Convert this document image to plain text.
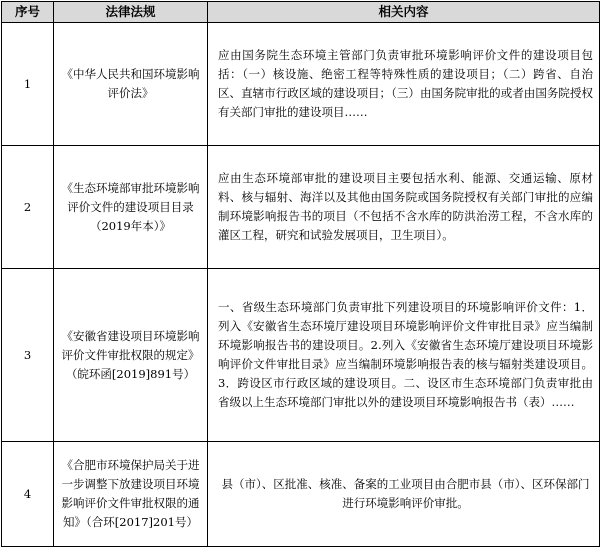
序号	法律法规	相关内容
1	《中华人民共和国环境影响评价法》	应由国务院生态环境主管部门负责审批环境影响评价文件的建设项目包括：（一）核设施、绝密工程等特殊性质的建设项目；（二）跨省、自治区、直辖市行政区域的建设项目；（三）由国务院审批的或者由国务院授权有关部门审批的建设项目……
2	《生态环境部审批环境影响评价文件的建设项目目录（2019年本）》	应由生态环境部审批的建设项目主要包括水利、能源、交通运输、原材料、核与辐射、海洋以及其他由国务院或国务院授权有关部门审批的应编制环境影响报告书的项目（不包括不含水库的防洪治涝工程，不含水库的灌区工程，研究和试验发展项目，卫生项目）。
3	《安徽省建设项目环境影响评价文件审批权限的规定》（皖环函[2019]891号）	一、省级生态环境部门负责审批下列建设项目的环境影响评价文件：1．列入《安徽省生态环境厅建设项目环境影响评价文件审批目录》应当编制环境影响报告书的建设项目。2.列入《安徽省生态环境厅建设项目环境影响评价文件审批目录》应当编制环境影响报告表的核与辐射类建设项目。3．跨设区市行政区域的建设项目。二、设区市生态环境部门负责审批由省级以上生态环境部门审批以外的建设项目环境影响报告书（表）……
4	《合肥市环境保护局关于进一步调整下放建设项目环境影响评价文件审批权限的通知》（合环[2017]201号）	县（市）、区批准、核准、备案的工业项目由合肥市县（市）、区环保部门进行环境影响评价审批。
